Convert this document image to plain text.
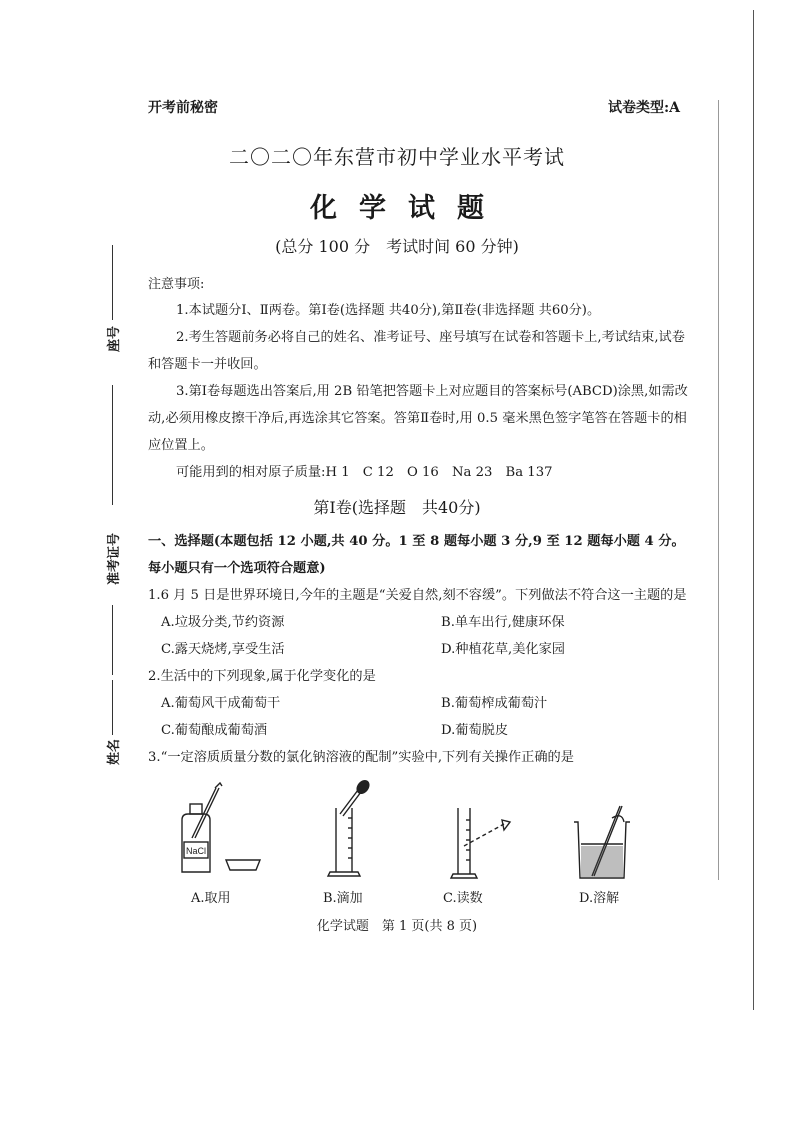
开考前秘密	试卷类型:A
二〇二〇年东营市初中学业水平考试
化学试题
(总分 100 分　考试时间 60 分钟)
座号
准考证号
姓名
注意事项:

1.本试题分Ⅰ、Ⅱ两卷。第Ⅰ卷(选择题 共40分),第Ⅱ卷(非选择题 共60分)。

2.考生答题前务必将自己的姓名、准考证号、座号填写在试卷和答题卡上,考试结束,试卷和答题卡一并收回。

3.第Ⅰ卷每题选出答案后,用 2B 铅笔把答题卡上对应题目的答案标号(ABCD)涂黑,如需改动,必须用橡皮擦干净后,再选涂其它答案。答第Ⅱ卷时,用 0.5 毫米黑色签字笔答在答题卡的相应位置上。

可能用到的相对原子质量:H 1　C 12　O 16　Na 23　Ba 137

第Ⅰ卷(选择题　共40分)
一、选择题(本题包括 12 小题,共 40 分。1 至 8 题每小题 3 分,9 至 12 题每小题 4 分。每小题只有一个选项符合题意)
1.6 月 5 日是世界环境日,今年的主题是“关爱自然,刻不容缓”。下列做法不符合这一主题的是
A.垃圾分类,节约资源	B.单车出行,健康环保
C.露天烧烤,享受生活	D.种植花草,美化家园
2.生活中的下列现象,属于化学变化的是
A.葡萄风干成葡萄干	B.葡萄榨成葡萄汁
C.葡萄酿成葡萄酒	D.葡萄脱皮
3.“一定溶质质量分数的氯化钠溶液的配制”实验中,下列有关操作正确的是
NaCl
A.取用	B.滴加	C.读数	D.溶解
化学试题　第 1 页(共 8 页)
